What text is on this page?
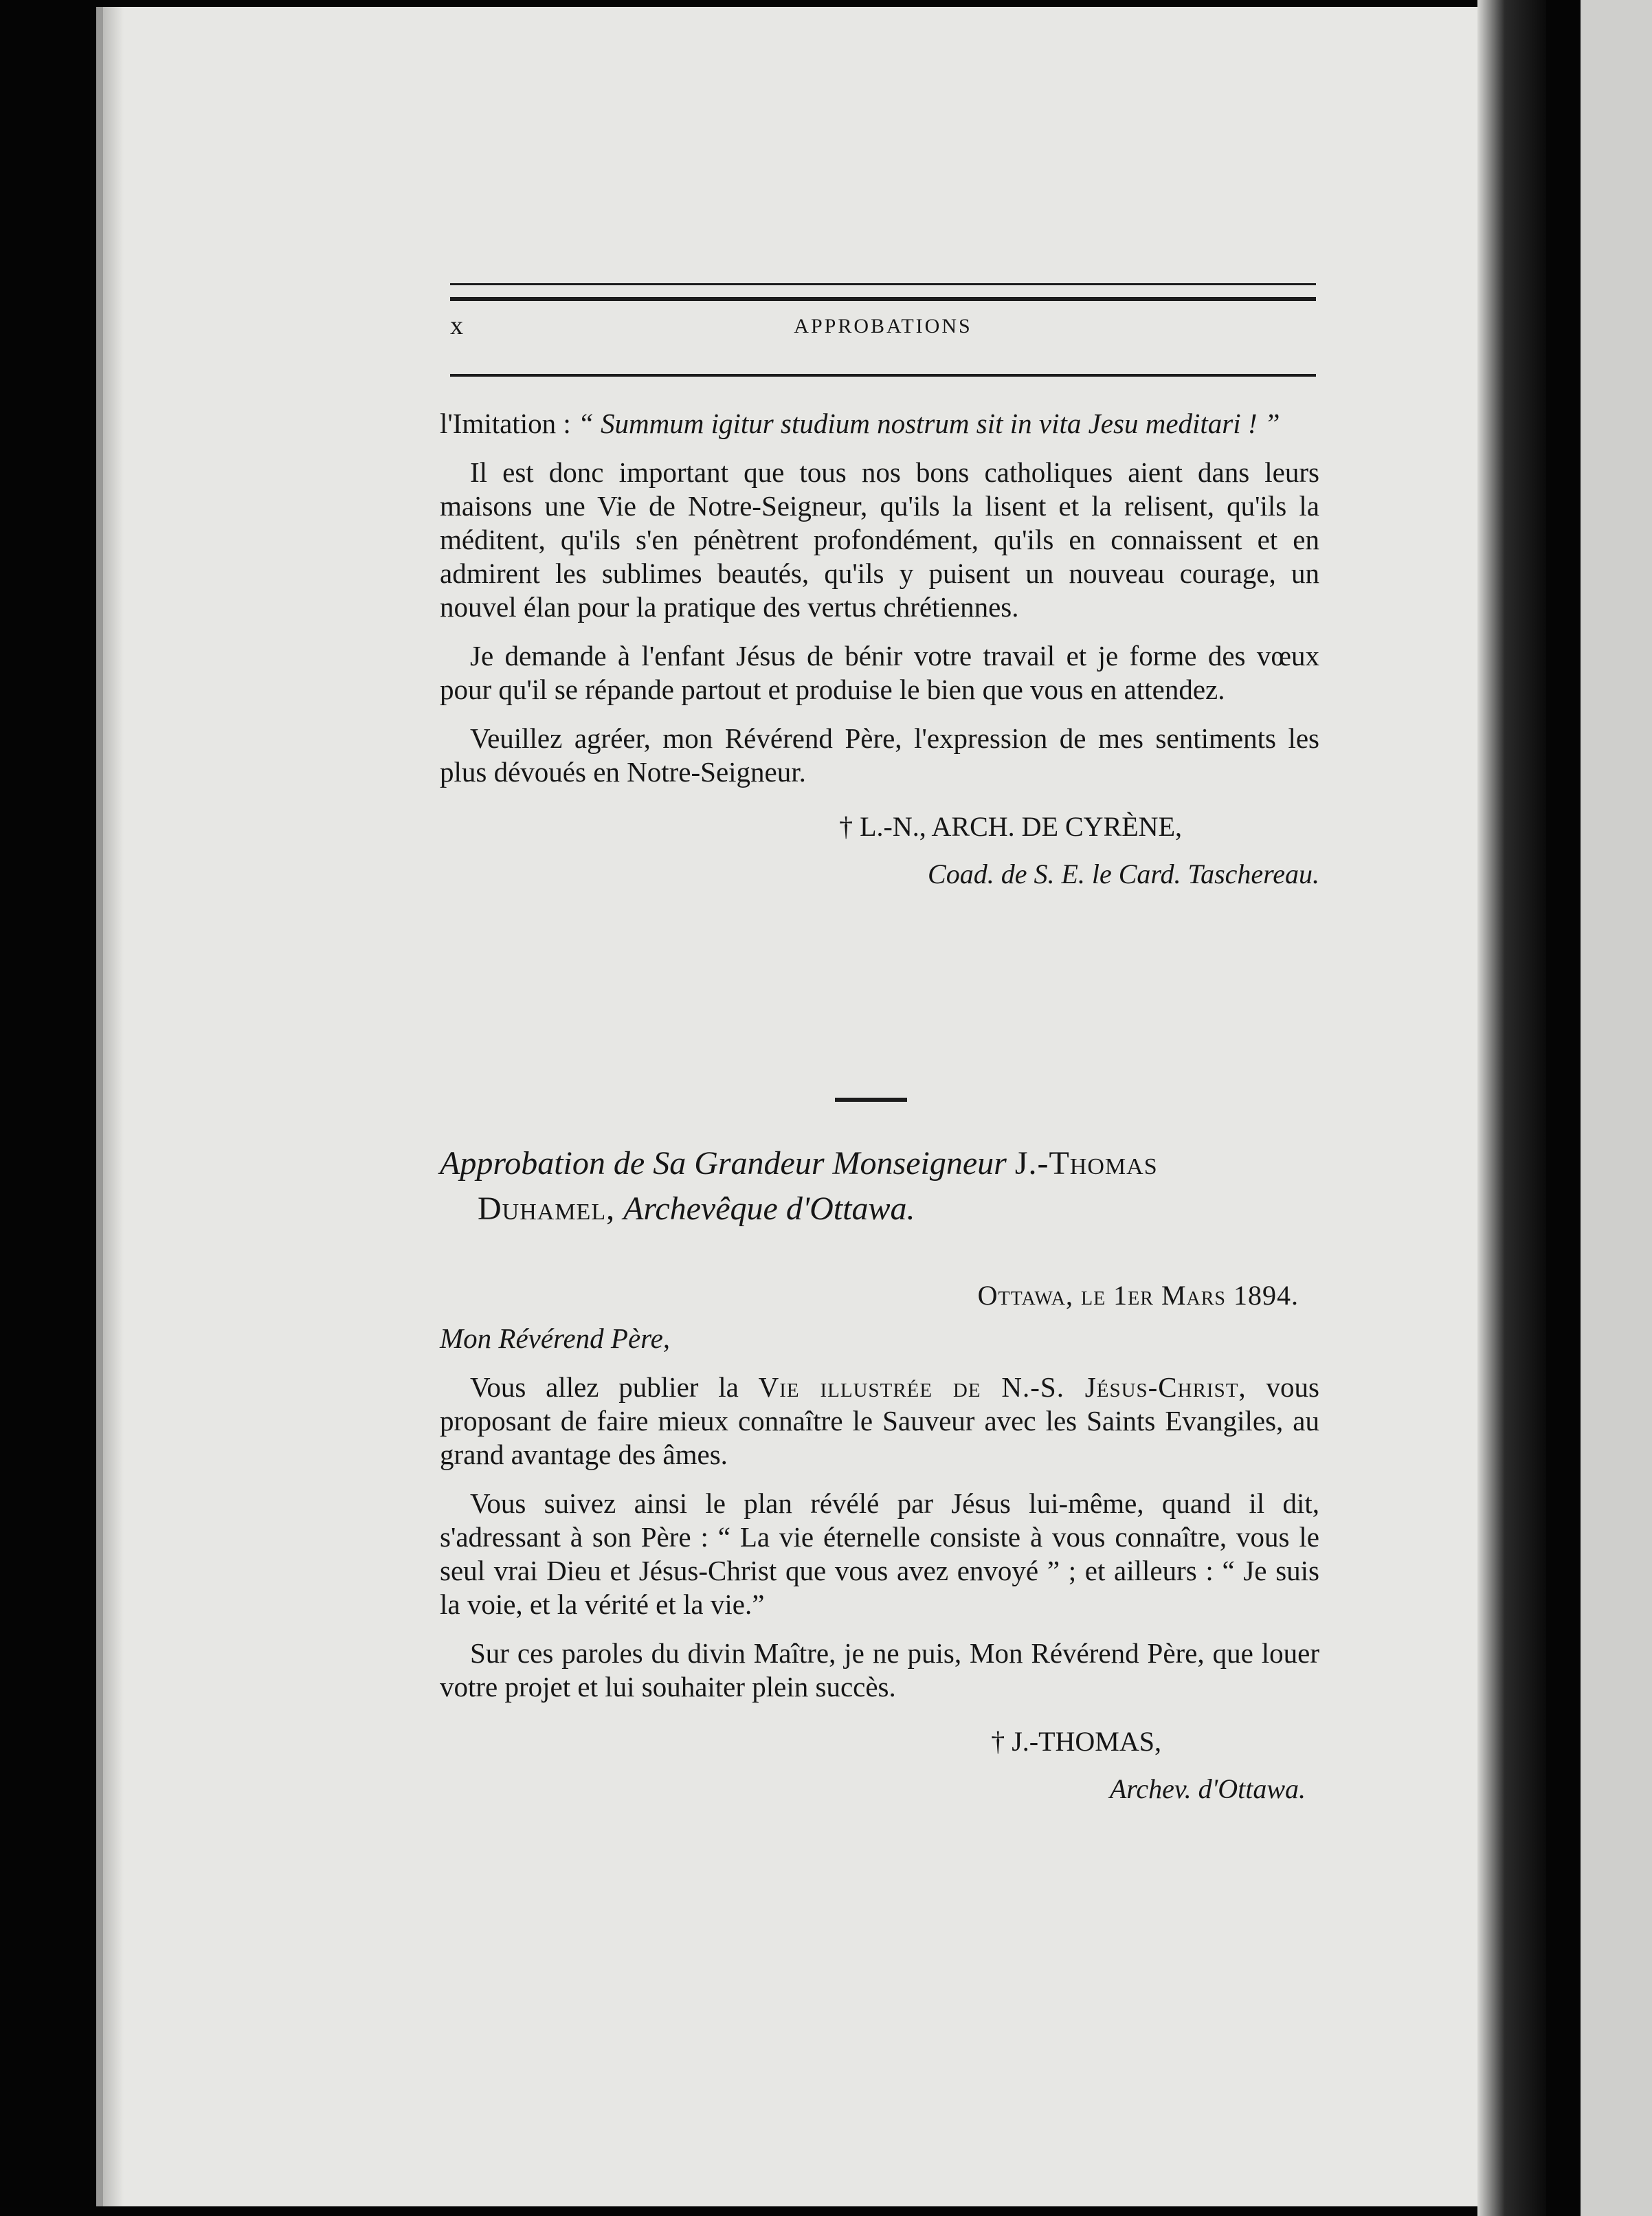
x	APPROBATIONS

l'Imitation : “ Summum igitur studium nostrum sit in vita Jesu meditari ! ”

Il est donc important que tous nos bons catholiques aient dans leurs maisons une Vie de Notre-Seigneur, qu'ils la lisent et la relisent, qu'ils la méditent, qu'ils s'en pénètrent profondément, qu'ils en connaissent et en admirent les sublimes beautés, qu'ils y puisent un nouveau courage, un nouvel élan pour la pratique des vertus chrétiennes.

Je demande à l'enfant Jésus de bénir votre travail et je forme des vœux pour qu'il se répande partout et produise le bien que vous en attendez.

Veuillez agréer, mon Révérend Père, l'expression de mes sentiments les plus dévoués en Notre-Seigneur.

† L.-N., ARCH. DE CYRÈNE,
Coad. de S. E. le Card. Taschereau.
Approbation de Sa Grandeur Monseigneur J.-Thomas
Duhamel, Archevêque d'Ottawa.
Ottawa, le 1er Mars 1894.

Mon Révérend Père,

Vous allez publier la Vie illustrée de N.-S. Jésus-Christ, vous proposant de faire mieux connaître le Sauveur avec les Saints Evangiles, au grand avantage des âmes.

Vous suivez ainsi le plan révélé par Jésus lui-même, quand il dit, s'adressant à son Père : “ La vie éternelle consiste à vous connaître, vous le seul vrai Dieu et Jésus-Christ que vous avez envoyé ” ; et ailleurs : “ Je suis la voie, et la vérité et la vie.”

Sur ces paroles du divin Maître, je ne puis, Mon Révérend Père, que louer votre projet et lui souhaiter plein succès.

† J.-THOMAS,
Archev. d'Ottawa.
